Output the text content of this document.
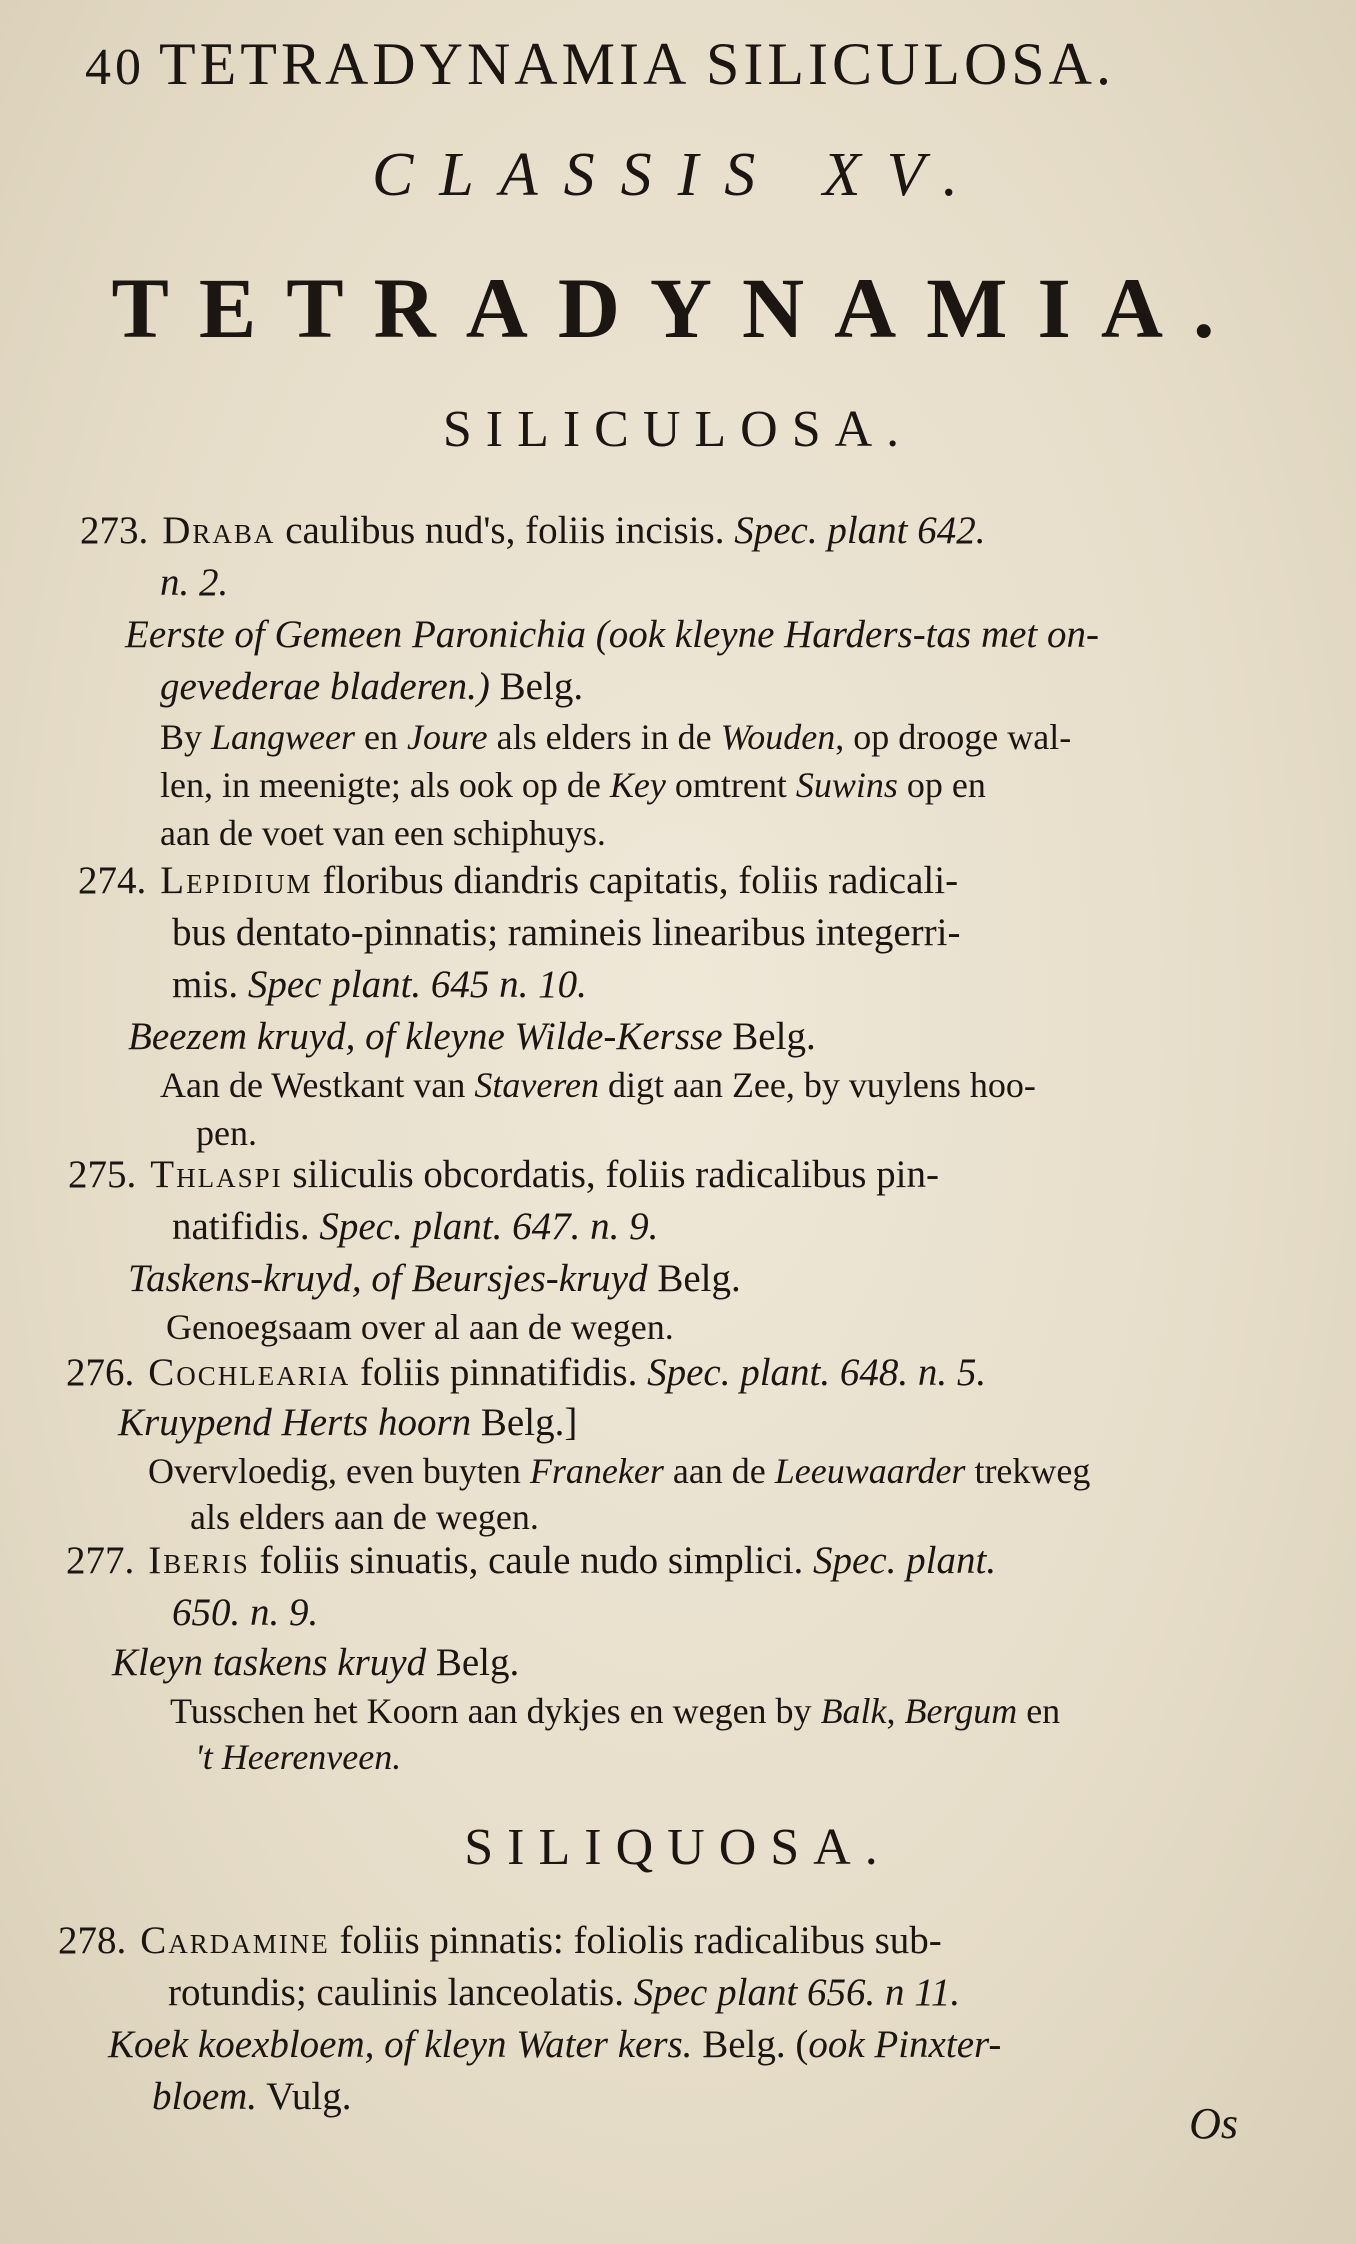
40 TETRADYNAMIA SILICULOSA.
CLASSIS XV.
TETRADYNAMIA.
SILICULOSA.
273. Draba caulibus nud's, foliis incisis. Spec. plant 642.
n. 2.
Eerste of Gemeen Paronichia (ook kleyne Harders-tas met on-
gevederae bladeren.) Belg.
By Langweer en Joure als elders in de Wouden, op drooge wal-
len, in meenigte; als ook op de Key omtrent Suwins op en
aan de voet van een schiphuys.
274. Lepidium floribus diandris capitatis, foliis radicali-
bus dentato-pinnatis; ramineis linearibus integerri-
mis. Spec plant. 645 n. 10.
Beezem kruyd, of kleyne Wilde-Kersse Belg.
Aan de Westkant van Staveren digt aan Zee, by vuylens hoo-
pen.
275. Thlaspi siliculis obcordatis, foliis radicalibus pin-
natifidis. Spec. plant. 647. n. 9.
Taskens-kruyd, of Beursjes-kruyd Belg.
Genoegsaam over al aan de wegen.
276. Cochlearia foliis pinnatifidis. Spec. plant. 648. n. 5.
Kruypend Herts hoorn Belg.]
Overvloedig, even buyten Franeker aan de Leeuwaarder trekweg
als elders aan de wegen.
277. Iberis foliis sinuatis, caule nudo simplici. Spec. plant.
650. n. 9.
Kleyn taskens kruyd Belg.
Tusschen het Koorn aan dykjes en wegen by Balk, Bergum en
't Heerenveen.
SILIQUOSA.
278. Cardamine foliis pinnatis: foliolis radicalibus sub-
rotundis; caulinis lanceolatis. Spec plant 656. n 11.
Koek koexbloem, of kleyn Water kers. Belg. (ook Pinxter-
bloem. Vulg.
Os
